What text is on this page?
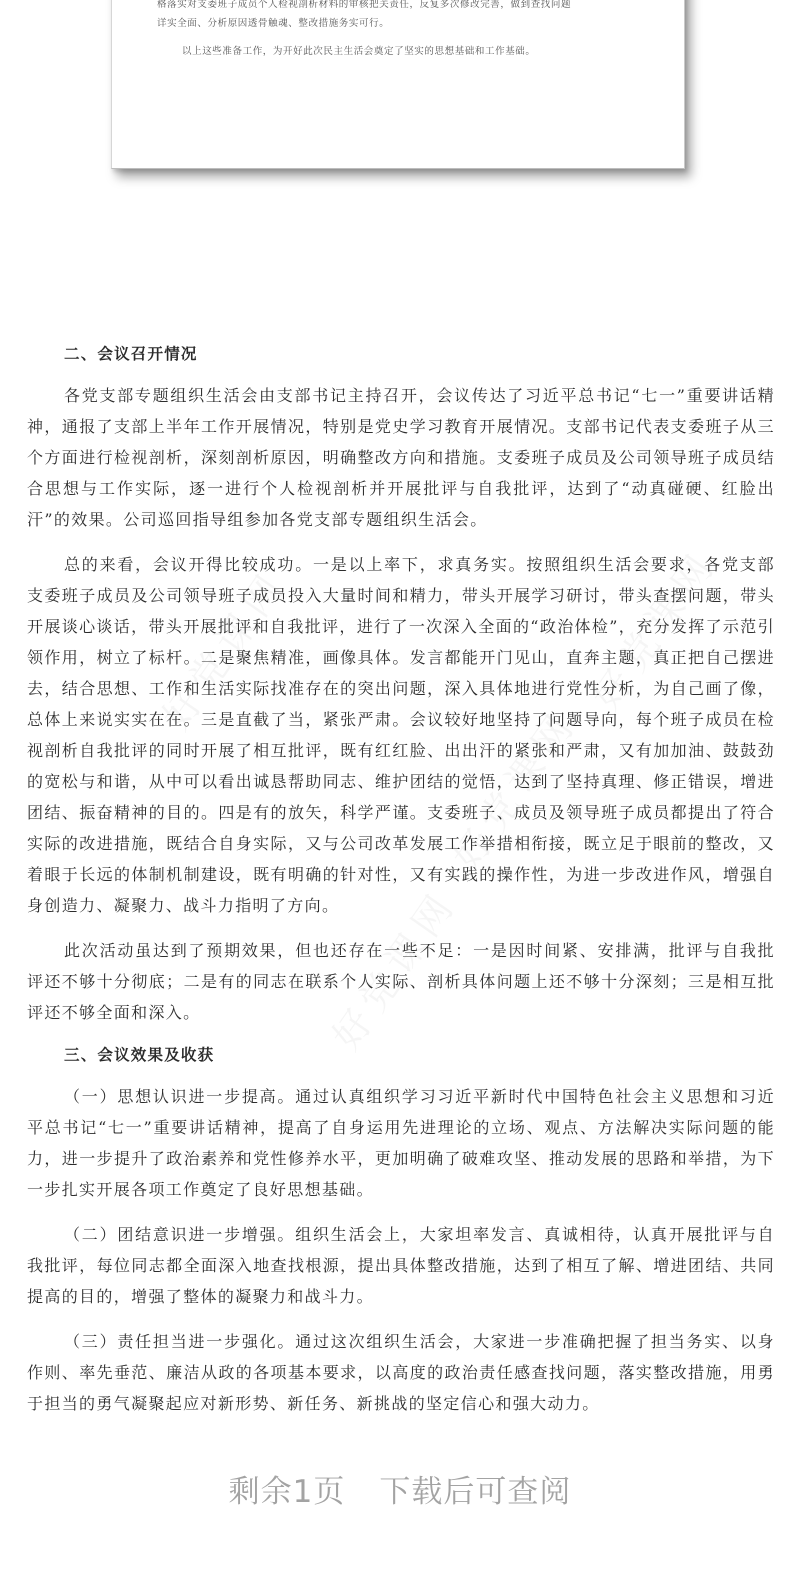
格落实对支委班子成员个人检视剖析材料的审核把关责任，反复多次修改完善，做到查找问题
详实全面、分析原因透骨触魂、整改措施务实可行。
以上这些准备工作，为开好此次民主生活会奠定了坚实的思想基础和工作基础。
好党课网
好党课网
好党课网
好党课网
二、会议召开情况

各党支部专题组织生活会由支部书记主持召开，会议传达了习近平总书记“七一”重要讲话精神，通报了支部上半年工作开展情况，特别是党史学习教育开展情况。支部书记代表支委班子从三个方面进行检视剖析，深刻剖析原因，明确整改方向和措施。支委班子成员及公司领导班子成员结合思想与工作实际，逐一进行个人检视剖析并开展批评与自我批评，达到了“动真碰硬、红脸出汗”的效果。公司巡回指导组参加各党支部专题组织生活会。

总的来看，会议开得比较成功。一是以上率下，求真务实。按照组织生活会要求，各党支部支委班子成员及公司领导班子成员投入大量时间和精力，带头开展学习研讨，带头查摆问题，带头开展谈心谈话，带头开展批评和自我批评，进行了一次深入全面的“政治体检”，充分发挥了示范引领作用，树立了标杆。二是聚焦精准，画像具体。发言都能开门见山，直奔主题，真正把自己摆进去，结合思想、工作和生活实际找准存在的突出问题，深入具体地进行党性分析，为自己画了像，总体上来说实实在在。三是直截了当，紧张严肃。会议较好地坚持了问题导向，每个班子成员在检视剖析自我批评的同时开展了相互批评，既有红红脸、出出汗的紧张和严肃，又有加加油、鼓鼓劲的宽松与和谐，从中可以看出诚恳帮助同志、维护团结的觉悟，达到了坚持真理、修正错误，增进团结、振奋精神的目的。四是有的放矢，科学严谨。支委班子、成员及领导班子成员都提出了符合实际的改进措施，既结合自身实际，又与公司改革发展工作举措相衔接，既立足于眼前的整改，又着眼于长远的体制机制建设，既有明确的针对性，又有实践的操作性，为进一步改进作风，增强自身创造力、凝聚力、战斗力指明了方向。

此次活动虽达到了预期效果，但也还存在一些不足：一是因时间紧、安排满，批评与自我批评还不够十分彻底；二是有的同志在联系个人实际、剖析具体问题上还不够十分深刻；三是相互批评还不够全面和深入。

三、会议效果及收获

（一）思想认识进一步提高。通过认真组织学习习近平新时代中国特色社会主义思想和习近平总书记“七一”重要讲话精神，提高了自身运用先进理论的立场、观点、方法解决实际问题的能力，进一步提升了政治素养和党性修养水平，更加明确了破难攻坚、推动发展的思路和举措，为下一步扎实开展各项工作奠定了良好思想基础。

（二）团结意识进一步增强。组织生活会上，大家坦率发言、真诚相待，认真开展批评与自我批评，每位同志都全面深入地查找根源，提出具体整改措施，达到了相互了解、增进团结、共同提高的目的，增强了整体的凝聚力和战斗力。

（三）责任担当进一步强化。通过这次组织生活会，大家进一步准确把握了担当务实、以身作则、率先垂范、廉洁从政的各项基本要求，以高度的政治责任感查找问题，落实整改措施，用勇于担当的勇气凝聚起应对新形势、新任务、新挑战的坚定信心和强大动力。

剩余1页 下载后可查阅
